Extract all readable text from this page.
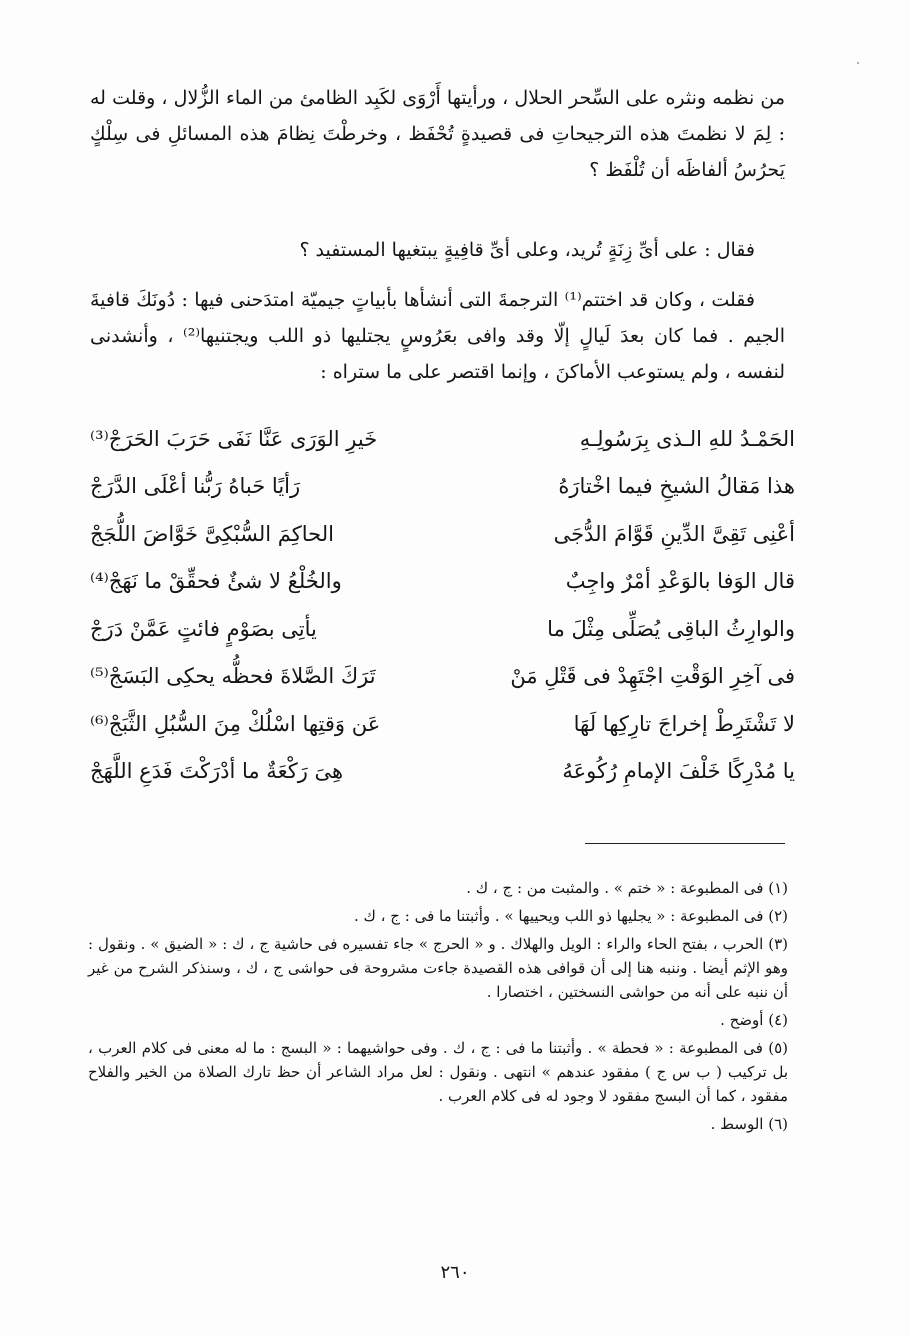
من نظمه ونثره على السِّحر الحلال ، ورأيتها أَرْوَى لكَبِد الظامئ من الماء الزُّلال ، وقلت له : لِمَ لا نظمتَ هذه الترجيحاتِ فى قصيدةٍ تُحْفَظ ، وخرطْتَ نِظامَ هذه المسائلِ فى سِلْكٍ يَحرُسُ ألفاظَه أن تُلْفَظ ؟
فقال : على أىِّ زِنَةٍ تُريد، وعلى أىِّ قافِيةٍ يبتغيها المستفيد ؟
فقلت ، وكان قد اختتم⁽¹⁾ الترجمةَ التى أنشأها بأبياتٍ جيميّة امتدَحنى فيها : دُونَكَ قافيةَ الجيم . فما كان بعدَ لَيالٍ إلّا وقد وافى بعَرُوسٍ يجتليها ذو اللب ويجتنيها⁽²⁾ ، وأنشدنى لنفسه ، ولم يستوعب الأماكنَ ، وإنما اقتصر على ما ستراه :
الحَمْـدُ للهِ الـذى بِرَسُولِـهِ
خَيرِ الوَرَى عَنَّا نَفَى حَرَبَ الحَرَجْ⁽³⁾
هذا مَقالُ الشيخِ فيما اخْتارَهُ
رَأيًا حَباهُ رَبُّنا أعْلَى الدَّرَجْ
أعْنِى تَقِىَّ الدِّينِ قَوَّامَ الدُّجَى
الحاكِمَ السُّبْكِىَّ خَوَّاضَ اللُّجَجْ
قال الوَفا بالوَعْدِ أمْرٌ واجِبٌ
والخُلْعُ لا شئٌ فحقِّقْ ما نَهَجْ⁽⁴⁾
والوارِثُ الباقِى يُصَلِّى مِثْلَ ما
يأتِى بصَوْمٍ فائتٍ عَمَّنْ دَرَجْ
فى آخِرِ الوَقْتِ اجْتَهِدْ فى قَتْلِ مَنْ
تَرَكَ الصَّلاةَ فحظُّه يحكِى البَسَجْ⁽⁵⁾
لا تَشْتَرِطْ إخراجَ تارِكِها لَهَا
عَن وَقتِها اسْلُكْ مِنَ السُّبُلِ الثَّبَجْ⁽⁶⁾
يا مُدْرِكًا خَلْفَ الإمامِ رُكُوعَهُ
هِىَ رَكْعَةٌ ما أدْرَكْتَ فَدَعِ اللَّهَجْ
(١) فى المطبوعة : « ختم » . والمثبت من : ج ، ك .
(٢) فى المطبوعة : « يجليها ذو اللب ويحييها » . وأثبتنا ما فى : ج ، ك .
(٣) الحرب ، بفتح الحاء والراء : الويل والهلاك . و « الحرج » جاء تفسيره فى حاشية ج ، ك : « الضيق » . ونقول : وهو الإثم أيضا . وننبه هنا إلى أن قوافى هذه القصيدة جاءت مشروحة فى حواشى ج ، ك ، وسنذكر الشرح من غير أن ننبه على أنه من حواشى النسختين ، اختصارا .
(٤) أوضح .
(٥) فى المطبوعة : « فحطة » . وأثبتنا ما فى : ج ، ك . وفى حواشيهما : « البسج : ما له معنى فى كلام العرب ، بل تركيب ( ب س ج ) مفقود عندهم » انتهى . ونقول : لعل مراد الشاعر أن حظ تارك الصلاة من الخير والفلاح مفقود ، كما أن البسج مفقود لا وجود له فى كلام العرب .
(٦) الوسط .
٢٦٠
